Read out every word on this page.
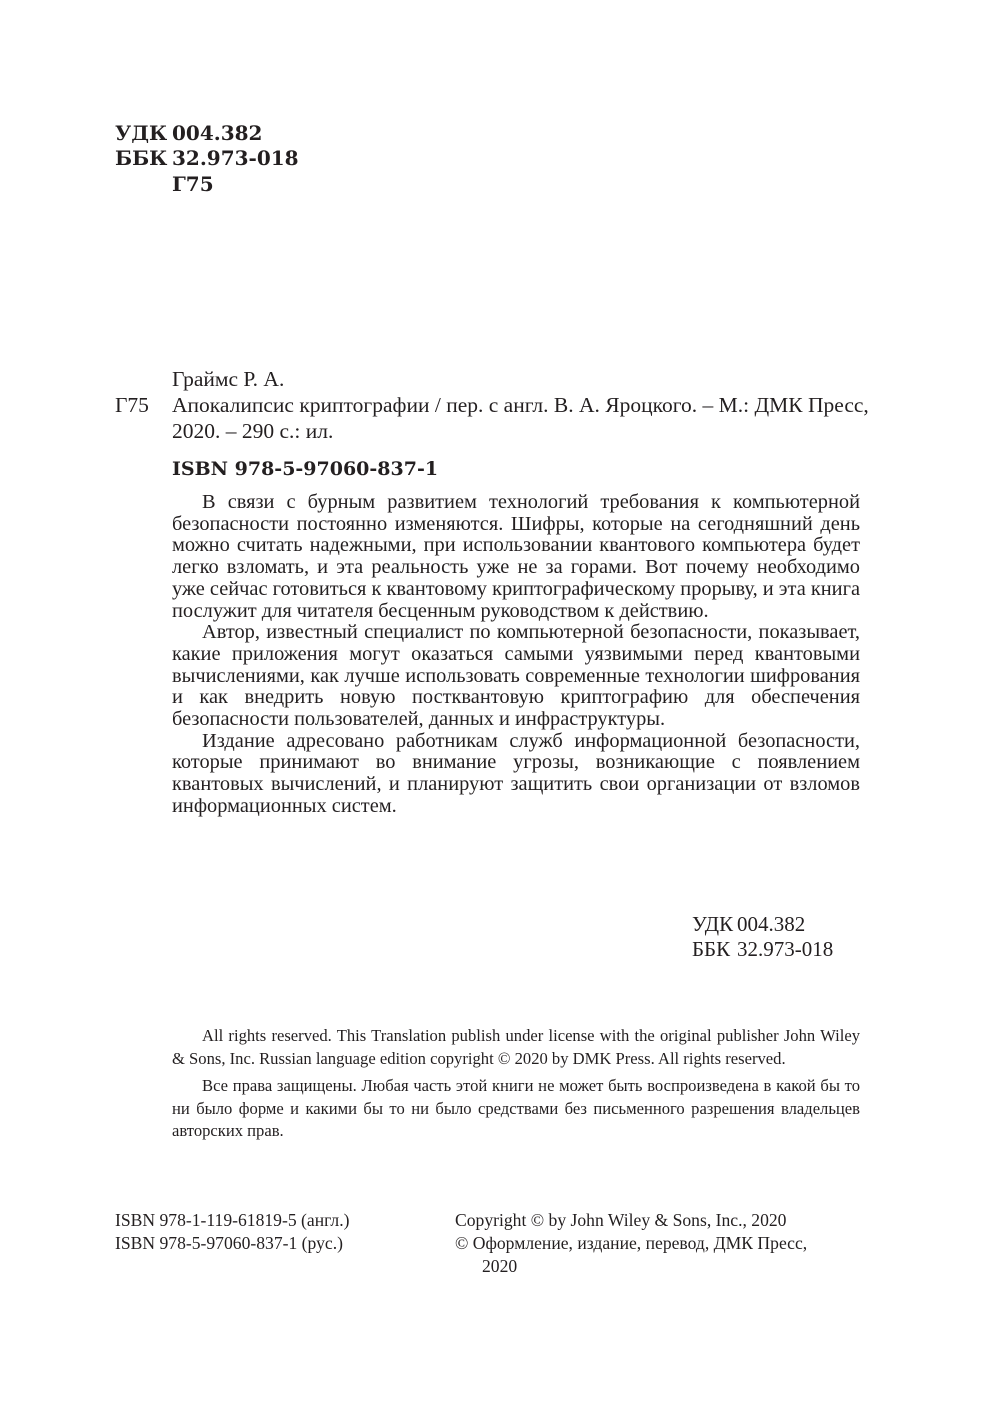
УДК 004.382
ББК 32.973-018
Г75
Граймс Р. А.
Г75 Апокалипсис криптографии / пер. с англ. В. А. Яроцкого. – М.: ДМК Пресс,
2020. – 290 с.: ил.
ISBN 978-5-97060-837-1

В связи с бурным развитием технологий требования к компьютерной безопасности постоянно изменяются. Шифры, которые на сегодняшний день можно считать надежными, при использовании квантового компьютера будет легко взломать, и эта реальность уже не за горами. Вот почему необходимо уже сейчас готовиться к квантовому криптографическому прорыву, и эта книга послужит для читателя бесценным руководством к действию.

Автор, известный специалист по компьютерной безопасности, показывает, какие приложения могут оказаться самыми уязвимыми перед квантовыми вычислениями, как лучше использовать современные технологии шифрования и как внедрить новую постквантовую криптографию для обеспечения безопасности пользователей, данных и инфраструктуры.

Издание адресовано работникам служб информационной безопасности, которые принимают во внимание угрозы, возникающие с появлением квантовых вычислений, и планируют защитить свои организации от взломов информационных систем.

УДК 004.382
ББК 32.973-018
All rights reserved. This Translation publish under license with the original publisher John Wiley & Sons, Inc. Russian language edition copyright © 2020 by DMK Press. All rights reserved.
Все права защищены. Любая часть этой книги не может быть воспроизведена в какой бы то ни было форме и какими бы то ни было средствами без письменного разрешения владельцев авторских прав.
ISBN 978-1-119-61819-5 (англ.)
ISBN 978-5-97060-837-1 (рус.)
Copyright © by John Wiley & Sons, Inc., 2020
© Оформление, издание, перевод, ДМК Пресс,
2020
